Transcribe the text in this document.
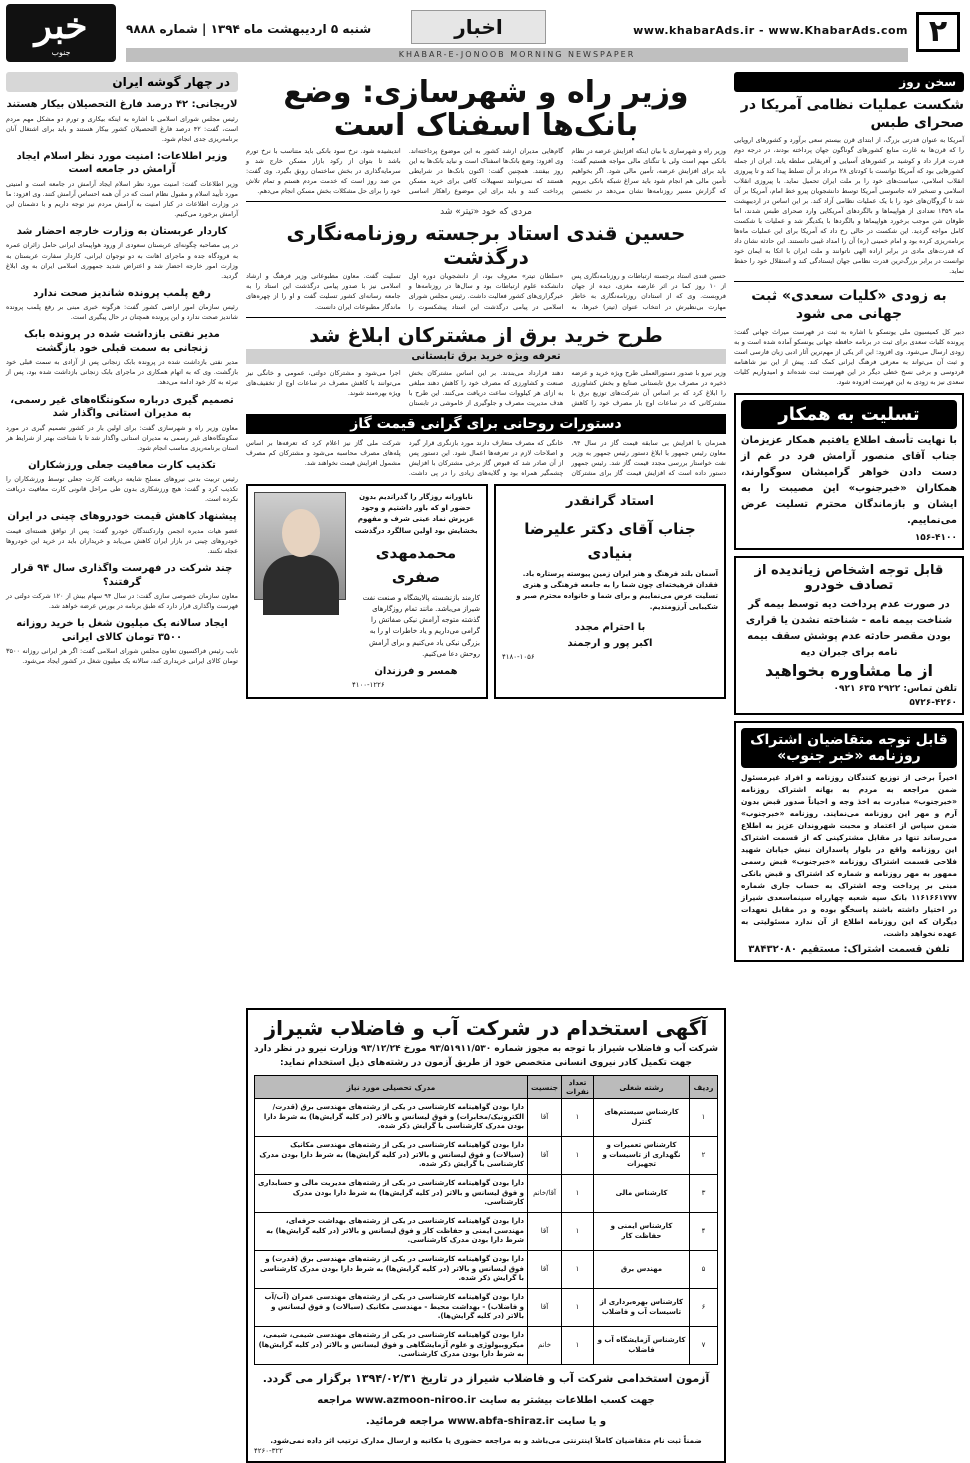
۲
www.khabarAds.ir - www.KhabarAds.com
اخبار
شنبه ۵ اردیبهشت ماه ۱۳۹۴ | شماره ۹۸۸۸
خبر
جنوب	KHABAR-E-JONOOB MORNING NEWSPAPER
سخن روز
شکست عملیات نظامی آمریکا در صحرای طبس
آمریکا به عنوان قدرتی بزرگ، از ابتدای قرن بیستم سعی برآورد و کشورهای اروپایی را که قرن‌ها به غارت منابع کشورهای گوناگون جهان پرداخته بودند، در درجه دوم قدرت قرار داد و کوشید بر کشورهای آسیایی و آفریقایی سلطه یابد. ایران از جمله کشورهایی بود که آمریکا توانست با کودتای ۲۸ مرداد بر آن تسلط پیدا کند و تا پیروزی انقلاب اسلامی، سیاست‌های خود را بر ملت ایران تحمیل نماید. با پیروزی انقلاب اسلامی و تسخیر لانه جاسوسی آمریکا توسط دانشجویان پیرو خط امام، آمریکا بر آن شد تا گروگان‌های خود را با یک عملیات نظامی آزاد کند. بر این اساس در اردیبهشت ماه ۱۳۵۹ تعدادی از هواپیماها و بالگردهای آمریکایی وارد صحرای طبس شدند، اما طوفان شن موجب برخورد هواپیماها و بالگردها با یکدیگر شد و عملیات با شکست کامل مواجه گردید. این شکست در حالی رخ داد که آمریکا برای این عملیات ماه‌ها برنامه‌ریزی کرده بود و امام خمینی (ره) آن را امداد غیبی دانستند. این حادثه نشان داد که قدرت‌های مادی در برابر اراده الهی ناتوانند و ملت ایران با اتکا به ایمان خود توانست در برابر بزرگ‌ترین قدرت نظامی جهان ایستادگی کند و استقلال خود را حفظ نماید.
به زودی «کلیات سعدی» ثبت جهانی می شود
دبیر کل کمیسیون ملی یونسکو با اشاره به ثبت در فهرست میراث جهانی گفت: پرونده کلیات سعدی برای ثبت در برنامه حافظه جهانی یونسکو آماده شده است و به زودی ارسال می‌شود. وی افزود: این اثر یکی از مهم‌ترین آثار ادبی زبان فارسی است و ثبت آن می‌تواند به معرفی فرهنگ ایرانی کمک کند. پیش از این نیز شاهنامه فردوسی و برخی نسخ خطی دیگر در این فهرست ثبت شده‌اند و امیدواریم کلیات سعدی نیز به زودی به این فهرست افزوده شود.
تسلیت به همکار
با نهایت تأسف اطلاع یافتیم همکار عزیزمان جناب آقای منصور آرامش فرد در غم از دست دادن خواهر گرامیشان سوگوارند، همکاران «خبرجنوب» این مصیبت را به ایشان و بازماندگان محترم تسلیت عرض می‌نماییم.
۱۵۶-۴۱۰۰
قابل توجه اشخاص زیاندیده از تصادف خودرو
در صورت عدم پرداخت دیه توسط بیمه گر شناخت بیمه نامه - شناخته نشدن یا قراری بودن مقصر حادثه عدم پوشش سقف بیمه نامه برای جبران دیه
از ما مشاوره بخواهید
تلفن تماس: ۲۹۲۲ ۶۳۵ ۰۹۲۱
۵۷۲۶-۴۲۶۰
قابل توجه متقاضیان اشتراک روزنامه «خبر جنوب»
اخیراً برخی از توزیع کنندگان روزنامه و افراد غیرمسئول ضمن مراجعه به مردم به بهانه اشتراک روزنامه «خبرجنوب» مبادرت به اخذ وجه و احیاناً صدور قبض بدون آرم و مهر این روزنامه می‌نمایند. روزنامه «خبرجنوب» ضمن سپاس از اعتماد و محبت شهروندان عزیز به اطلاع می‌رساند تنها در مقابل مشترکینی که از قسمت اشتراک این روزنامه واقع در بلوار پاسداران نبش خیابان شهید فلاحی قسمت اشتراک روزنامه «خبرجنوب» قبض رسمی ممهور به مهر روزنامه و شماره کد اشتراک و قبض بانکی مبنی بر پرداخت وجه اشتراک به حساب جاری شماره ۱۱۶۱۶۶۱۷۷۷ بانک سپه شعبه چهارراه سینماسعدی شیراز در اختیار داشته باشند پاسخگو بوده و در مقابل تعهدات دیگران که این روزنامه اطلاع از آن ندارد مسئولیتی به عهده نخواهد داشت.
تلفن قسمت اشتراک: مستقیم ۳۸۴۳۲۰۸۰
وزیر راه و شهرسازی: وضع بانک‌ها اسفناک است
وزیر راه و شهرسازی با بیان اینکه افزایش عرضه در نظام بانکی مهم است ولی با تنگنای مالی مواجه هستیم گفت: باید برای افزایش عرضه، تأمین مالی شود. اگر بخواهیم تأمین مالی هم انجام شود باید سراغ شبکه بانکی برویم که گزارش مسیر روزنامه‌ها نشان می‌دهد در نخستین گام‌هایی مدیران ارشد کشور به این موضوع پرداخته‌اند. وی افزود: وضع بانک‌ها اسفناک است و نباید بانک‌ها به این روز بیفتند. همچنین گفت: اکنون بانک‌ها در شرایطی هستند که نمی‌توانند تسهیلات کافی برای خرید مسکن پرداخت کنند و باید برای این موضوع راهکار اساسی اندیشیده شود. نرخ سود بانکی باید متناسب با نرخ تورم باشد تا بتوان از رکود بازار مسکن خارج شد و سرمایه‌گذاری در بخش ساختمان رونق بگیرد. وی گفت: من صد روز است که خدمت مردم هستم و تمام تلاش خود را برای حل مشکلات بخش مسکن انجام می‌دهم.
مردی که خود «تیتر» شد
حسین قندی استاد برجسته روزنامه‌نگاری درگذشت
حسین قندی استاد برجسته ارتباطات و روزنامه‌نگاری پس از ۱۰ روز کما در اثر عارضه مغزی، دیده از جهان فروبست. وی که از استادان روزنامه‌نگاری به خاطر مهارت بی‌نظیرش در انتخاب عنوان (تیتر) خبرها، به «سلطان تیتر» معروف بود، از دانشجویان دوره اول دانشکده علوم ارتباطات بود و سال‌ها در روزنامه‌ها و خبرگزاری‌های کشور فعالیت داشت. رئیس مجلس شورای اسلامی در پیامی درگذشت این استاد پیشکسوت را تسلیت گفت. معاون مطبوعاتی وزیر فرهنگ و ارشاد اسلامی نیز با صدور پیامی درگذشت این استاد را به جامعه رسانه‌ای کشور تسلیت گفت و او را از چهره‌های ماندگار مطبوعات ایران دانست.
طرح خرید برق از مشترکان ابلاغ شد
تعرفه ویژه خرید برق تابستانی
وزیر نیرو با صدور دستورالعملی طرح ویژه خرید و عرضه ذخیره در مصرف برق تابستانی صنایع و بخش کشاورزی را ابلاغ کرد که بر اساس آن شرکت‌های توزیع برق با مشترکانی که در ساعات اوج بار مصرف خود را کاهش دهند قرارداد می‌بندند. بر این اساس مشترکان بخش صنعت و کشاورزی که مصرف خود را کاهش دهند مبلغی به ازای هر کیلووات ساعت دریافت می‌کنند. این طرح با هدف مدیریت مصرف و جلوگیری از خاموشی در تابستان اجرا می‌شود و مشترکان دولتی، عمومی و خانگی نیز می‌توانند با کاهش مصرف در ساعات اوج از تخفیف‌های ویژه بهره‌مند شوند.
دستورات روحانی برای گرانی قیمت گاز
همزمان با افزایش بی سابقه قیمت گاز در سال ۹۴، معاون رئیس جمهور با ابلاغ دستور رئیس جمهور به وزیر نفت خواستار بررسی مجدد قیمت گاز شد. رئیس جمهور دستور داده است که افزایش قیمت گاز برای مشترکان خانگی که مصرف متعارف دارند مورد بازنگری قرار گیرد و اصلاحات لازم در تعرفه‌ها اعمال شود. این دستور پس از آن صادر شد که قبوض گاز برخی مشترکان با افزایش چشمگیر همراه بود و گلایه‌های زیادی را در پی داشت. شرکت ملی گاز نیز اعلام کرد که تعرفه‌ها بر اساس پله‌های مصرف محاسبه می‌شود و مشترکان کم مصرف مشمول افزایش قیمت نخواهند شد.
استاد گرانقدر
جناب آقای دکتر علیرضا بنیادی
آسمان بلند فرهنگ و هنر ایران زمین پیوسته پرستاره باد. فقدان فرهیخته‌ای چون شما را به جامعه فرهنگی و هنری تسلیت عرض می‌نماییم و برای شما و خانواده محترم صبر و شکیبایی آرزومندیم.
با احترام مجدد
اکبر پور و ارجمند
۴۱۸۰-۱۰۵۶
ناباورانه روزگار را گذراندیم بدون حضور او که باور داشتیم و وجود عزیزش نماد عینی شرف و مفهوم بخشایش بود اولین سالگرد درگذشت
محمدمهدی صفری
کارمند بازنشسته پالایشگاه و صنعت نفت شیراز می‌باشد. مانند تمام روزگارهای گذشته متوجه آرامش نیکی صفاتش را گرامی می‌داریم و یاد خاطرات او را به بزرگی نیکی یاد می‌کنیم و برای آرامش روحش دعا می‌کنیم.
همسر و فرزندان
۴۱۰۰-۱۲۲۶
در چهار گوشه ایران
لاریجانی: ۴۲ درصد فارغ التحصیلان بیکار هستند
رئیس مجلس شورای اسلامی با اشاره به اینکه بیکاری و تورم دو مشکل مهم مردم است، گفت: ۴۲ درصد فارغ التحصیلان کشور بیکار هستند و باید برای اشتغال آنان برنامه‌ریزی جدی انجام شود.
وزیر اطلاعات: امنیت مورد نظر اسلام ایجاد آرامش در جامعه است
وزیر اطلاعات گفت: امنیت مورد نظر اسلام ایجاد آرامش در جامعه است و امنیتی مورد تأیید اسلام و مقبول نظام است که در آن همه احساس آرامش کنند. وی افزود: ما در وزارت اطلاعات در کنار امنیت به آرامش مردم نیز توجه داریم و با دشمنان این آرامش برخورد می‌کنیم.
کاردار عربستان به وزارت خارجه احضار شد
در پی مصاحبه چگونه‌ای عربستان سعودی از ورود هواپیمای ایرانی حامل زائران عمره به فرودگاه جده و ماجرای اهانت به دو نوجوان ایرانی، کاردار سفارت عربستان به وزارت امور خارجه احضار شد و اعتراض شدید جمهوری اسلامی ایران به وی ابلاغ گردید.
رفع پلمب پرونده شاندیز صحت ندارد
رئیس سازمان امور اراضی کشور گفت: هرگونه خبری مبنی بر رفع پلمب پرونده شاندیز صحت ندارد و این پرونده همچنان در حال پیگیری است.
مدیر نفتی بازداشت شده در پرونده بابک زنجانی به سمت قبلی خود بازگشت
مدیر نفتی بازداشت شده در پرونده بابک زنجانی پس از آزادی به سمت قبلی خود بازگشت. وی که به اتهام همکاری در ماجرای بابک زنجانی بازداشت شده بود، پس از تبرئه به کار خود ادامه می‌دهد.
تصمیم گیری درباره سکونتگاه‌های غیر رسمی، به مدیران استانی واگذار شد
معاون وزیر راه و شهرسازی گفت: برای اولین بار در کشور تصمیم گیری در مورد سکونتگاه‌های غیر رسمی به مدیران استانی واگذار شد تا با شناخت بهتر از شرایط هر استان برنامه‌ریزی مناسب انجام شود.
تکذیب کارت معافیت جعلی ورزشکاران
رئیس تربیت بدنی نیروهای مسلح شایعه دریافت کارت جعلی توسط ورزشکاران را تکذیب کرد و گفت: هیچ ورزشکاری بدون طی مراحل قانونی کارت معافیت دریافت نکرده است.
پیشنهاد کاهش قیمت خودروهای چینی در ایران
عضو هیات مدیره انجمن واردکنندگان خودرو گفت: پس از توافق هسته‌ای قیمت خودروهای چینی در بازار ایران کاهش می‌یابد و خریداران باید در خرید این خودروها عجله نکنند.
چند شرکت در فهرست واگذاری سال ۹۴ قرار گرفتند؟
معاون سازمان خصوصی سازی گفت: در سال ۹۴ سهام بیش از ۱۲۰ شرکت دولتی در فهرست واگذاری قرار دارد که طبق برنامه در بورس عرضه خواهد شد.
ایجاد سالانه یک میلیون شغل با خرید روزانه ۳۵۰۰ تومان کالای ایرانی
نایب رئیس فراکسیون تعاون مجلس شورای اسلامی گفت: اگر هر ایرانی روزانه ۳۵۰۰ تومان کالای ایرانی خریداری کند، سالانه یک میلیون شغل در کشور ایجاد می‌شود.
آگهی استخدام در شرکت آب و فاضلاب شیراز
شرکت آب و فاضلاب شیراز با توجه به مجوز شماره ۹۳/۵۱۹۱۱/۵۳۰ مورخ ۹۳/۱۲/۲۴ وزارت نیرو در نظر دارد جهت تکمیل کادر نیروی انسانی متخصص خود از طریق آزمون در رشته‌های ذیل استخدام نماید:
ردیف	رشته شغلی	تعداد نفرات	جنسیت	مدرک تحصیلی مورد نیاز
۱	کارشناس سیستم‌های کنترل	۱	آقا	دارا بودن گواهینامه کارشناسی در یکی از رشته‌های مهندسی برق (قدرت/الکترونیک/مخابرات) و فوق لیسانس و بالاتر (در کلیه گرایش‌ها) به شرط دارا بودن مدرک کارشناسی با گرایش ذکر شده.
۲	کارشناس تعمیرات و نگهداری از تاسیسات و تجهیزات	۱	آقا	دارا بودن گواهینامه کارشناسی در یکی از رشته‌های مهندسی مکانیک (سیالات) و فوق لیسانس و بالاتر (در کلیه گرایش‌ها) به شرط دارا بودن مدرک کارشناسی با گرایش ذکر شده.
۳	کارشناس مالی	۱	آقا/خانم	دارا بودن گواهینامه کارشناسی در یکی از رشته‌های مدیریت مالی و حسابداری و فوق لیسانس و بالاتر (در کلیه گرایش‌ها) به شرط دارا بودن مدرک کارشناسی.
۴	کارشناس ایمنی و حفاظت کار	۱	آقا	دارا بودن گواهینامه کارشناسی در یکی از رشته‌های بهداشت حرفه‌ای، مهندسی ایمنی و حفاظت کار و فوق لیسانس و بالاتر (در کلیه گرایش‌ها) به شرط دارا بودن مدرک کارشناسی.
۵	مهندس برق	۱	آقا	دارا بودن گواهینامه کارشناسی در یکی از رشته‌های مهندسی برق (قدرت) و فوق لیسانس و بالاتر (در کلیه گرایش‌ها) به شرط دارا بودن مدرک کارشناسی با گرایش ذکر شده.
۶	کارشناس بهره‌برداری از تاسیسات آب و فاضلاب	۱	آقا	دارا بودن گواهینامه کارشناسی در یکی از رشته‌های مهندسی عمران (آب/آب و فاضلاب) - بهداشت محیط - مهندسی مکانیک (سیالات) و فوق لیسانس و بالاتر (در کلیه گرایش‌ها).
۷	کارشناس آزمایشگاه آب و فاضلاب	۱	خانم	دارا بودن گواهینامه کارشناسی در یکی از رشته‌های مهندسی شیمی، شیمی، میکروبیولوژی و علوم آزمایشگاهی و فوق لیسانس و بالاتر (در کلیه گرایش‌ها) به شرط دارا بودن مدرک کارشناسی.
آزمون استخدامی شرکت آب و فاضلاب شیراز در تاریخ ۱۳۹۴/۰۲/۳۱ برگزار می گردد.
جهت کسب اطلاعات بیشتر به سایت www.azmoon-niroo.ir مراجعه
و یا سایت www.abfa-shiraz.ir مراجعه فرمائید.
ضمناً ثبت نام متقاضیان کاملاً اینترنتی می‌باشد و به مراجعه حضوری یا مکاتبه و ارسال مدارک ترتیب اثر داده نمی‌شود.
۴۲۶۰-۳۲۲
